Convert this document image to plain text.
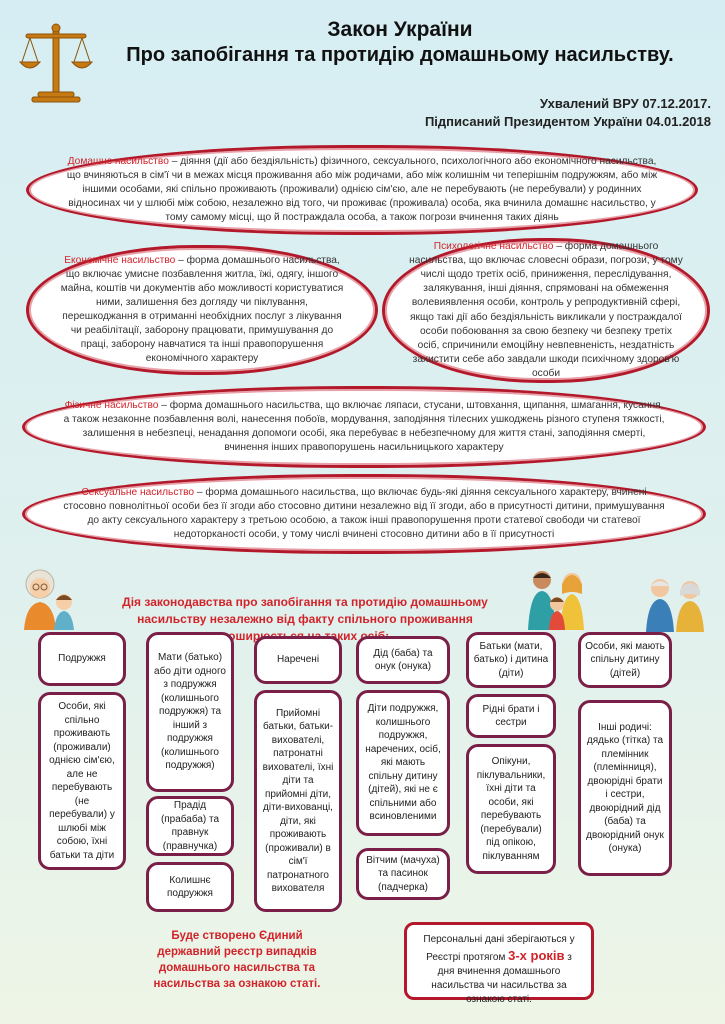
Закон України
Про запобігання та протидію домашньому насильству.
Ухвалений ВРУ 07.12.2017.
Підписаний Президентом України 04.01.2018
Домашнє насильство – діяння (дії або бездіяльність) фізичного, сексуального, психологічного або економічного насильства, що вчиняються в сім'ї чи в межах місця проживання або між родичами, або між колишнім чи теперішнім подружжям, або між іншими особами, які спільно проживають (проживали) однією сім'єю, але не перебувають (не перебували) у родинних відносинах чи у шлюбі між собою, незалежно від того, чи проживає (проживала) особа, яка вчинила домашнє насильство, у тому самому місці, що й постраждала особа, а також погрози вчинення таких діянь
Економічне насильство – форма домашнього насильства, що включає умисне позбавлення житла, їжі, одягу, іншого майна, коштів чи документів або можливості користуватися ними, залишення без догляду чи піклування, перешкоджання в отриманні необхідних послуг з лікування чи реабілітації, заборону працювати, примушування до праці, заборону навчатися та інші правопорушення економічного характеру
Психологічне насильство – форма домашнього насильства, що включає словесні образи, погрози, у тому числі щодо третіх осіб, приниження, переслідування, залякування, інші діяння, спрямовані на обмеження волевиявлення особи, контроль у репродуктивній сфері, якщо такі дії або бездіяльність викликали у постраждалої особи побоювання за свою безпеку чи безпеку третіх осіб, спричинили емоційну невпевненість, нездатність захистити себе або завдали шкоди психічному здоров'ю особи
Фізичне насильство – форма домашнього насильства, що включає ляпаси, стусани, штовхання, щипання, шмагання, кусання, а також незаконне позбавлення волі, нанесення побоїв, мордування, заподіяння тілесних ушкоджень різного ступеня тяжкості, залишення в небезпеці, ненадання допомоги особі, яка перебуває в небезпечному для життя стані, заподіяння смерті, вчинення інших правопорушень насильницького характеру
Сексуальне насильство – форма домашнього насильства, що включає будь-які діяння сексуального характеру, вчинені стосовно повнолітньої особи без її згоди або стосовно дитини незалежно від її згоди, або в присутності дитини, примушування до акту сексуального характеру з третьою особою, а також інші правопорушення проти статевої свободи чи статевої недоторканості особи, у тому числі вчинені стосовно дитини або в її присутності
Дія законодавства про запобігання та протидію домашньому насильству незалежно від факту спільного проживання таких
Подружжя
Особи, які спільно проживають (проживали) однією сім'єю, але не перебувають (не перебували) у шлюбі між собою, їхні батьки та діти
Мати (батько) або діти одного з подружжя (колишнього подружжя) та інший з подружжя (колишнього подружжя)
Прадід (прабаба) та правнук (правнучка)
Колишнє подружжя
Наречені
Прийомні батьки, батьки-вихователі, патронатні вихователі, їхні діти та прийомні діти, діти-вихованці, діти, які проживають (проживали) в сім'ї патронатного вихователя
Дід (баба) та онук (онука)
Діти подружжя, колишнього подружжя, наречених, осіб, які мають спільну дитину (дітей), які не є спільними або всиновленими
Вітчим (мачуха) та пасинок (падчерка)
Батьки (мати, батько) і дитина (діти)
Рідні брати і сестри
Опікуни, піклувальники, їхні діти та особи, які перебувають (перебували) під опікою, піклуванням
Особи, які мають спільну дитину (дітей)
Інші родичі: дядько (тітка) та племінник (племінниця), двоюрідні брати і сестри, двоюрідний дід (баба) та двоюрідний онук (онука)
Буде створено Єдиний державний реєстр випадків домашнього насильства та насильства за ознакою статі.
Персональні дані зберігаються у Реєстрі протягом 3-х років з дня вчинення домашнього насильства чи насильства за ознакою статі.
